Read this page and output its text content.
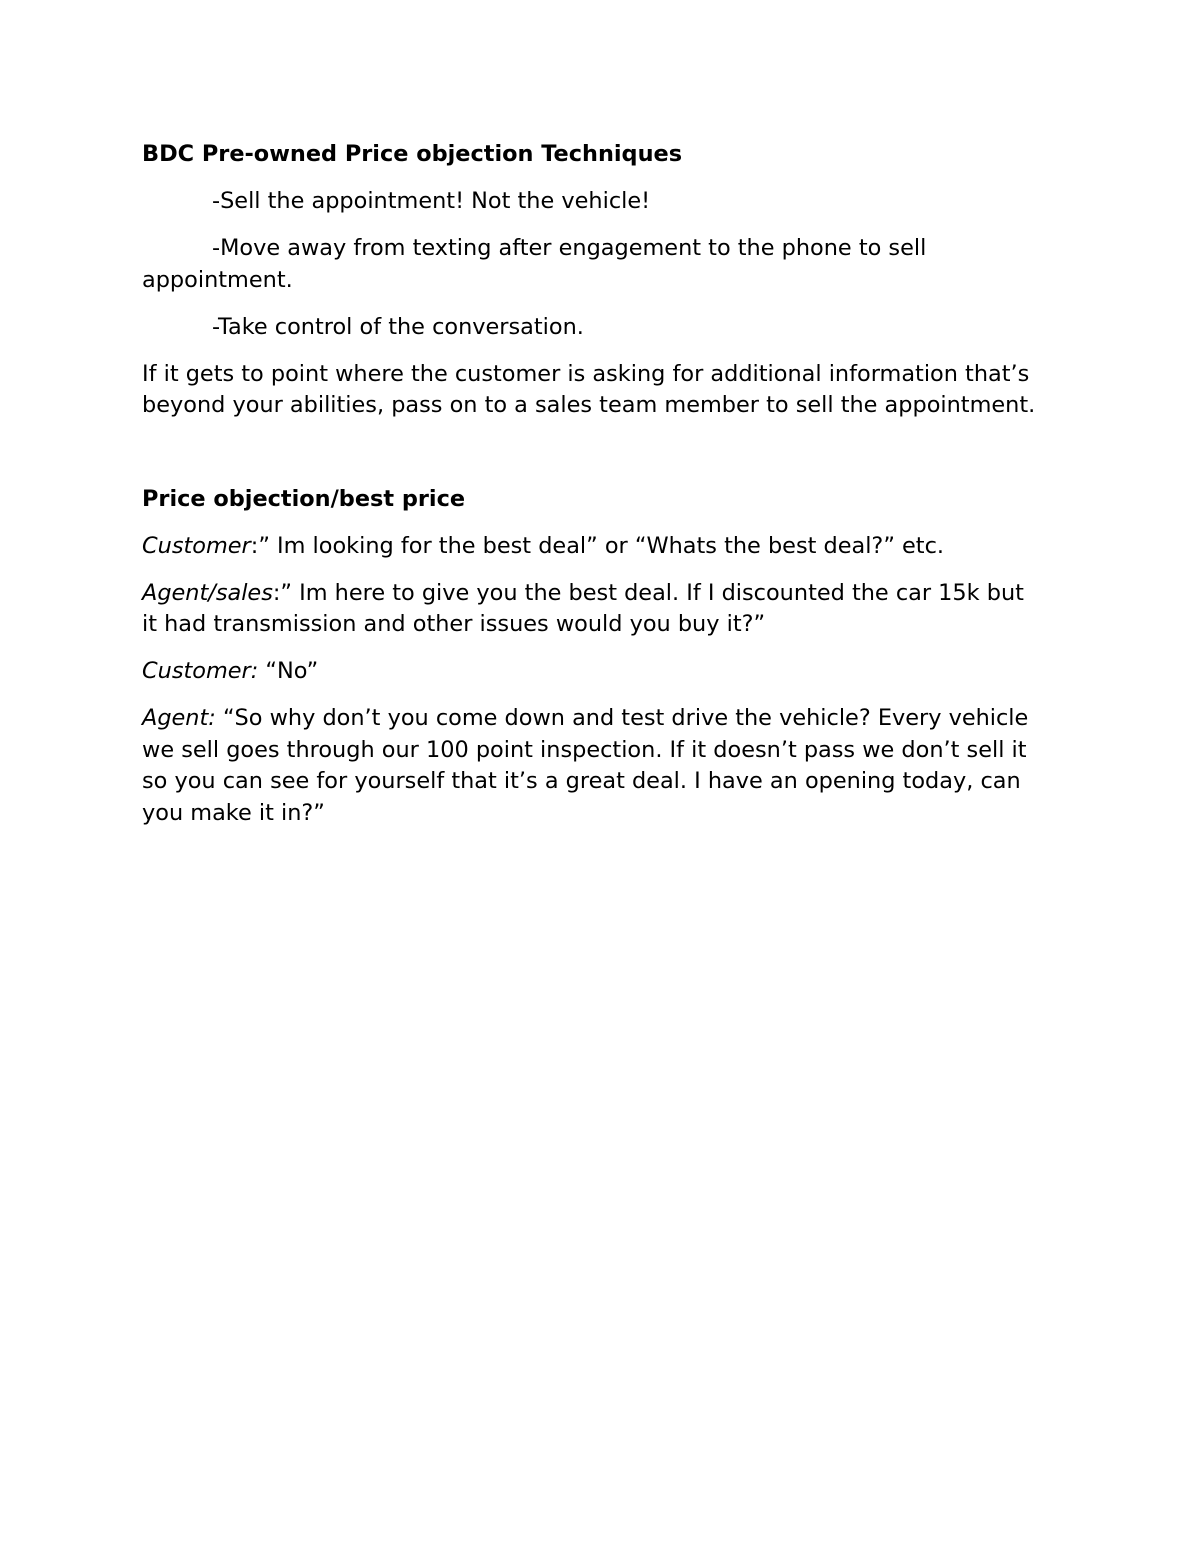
BDC Pre-owned Price objection Techniques

-Sell the appointment! Not the vehicle!

-Move away from texting after engagement to the phone to sell appointment.

-Take control of the conversation.

If it gets to point where the customer is asking for additional information that’s beyond your abilities, pass on to a sales team member to sell the appointment.

Price objection/best price

Customer:” Im looking for the best deal” or “Whats the best deal?” etc.

Agent/sales:” Im here to give you the best deal. If I discounted the car 15k but it had transmission and other issues would you buy it?”

Customer: “No”

Agent: “So why don’t you come down and test drive the vehicle? Every vehicle we sell goes through our 100 point inspection. If it doesn’t pass we don’t sell it so you can see for yourself that it’s a great deal. I have an opening today, can you make it in?”
